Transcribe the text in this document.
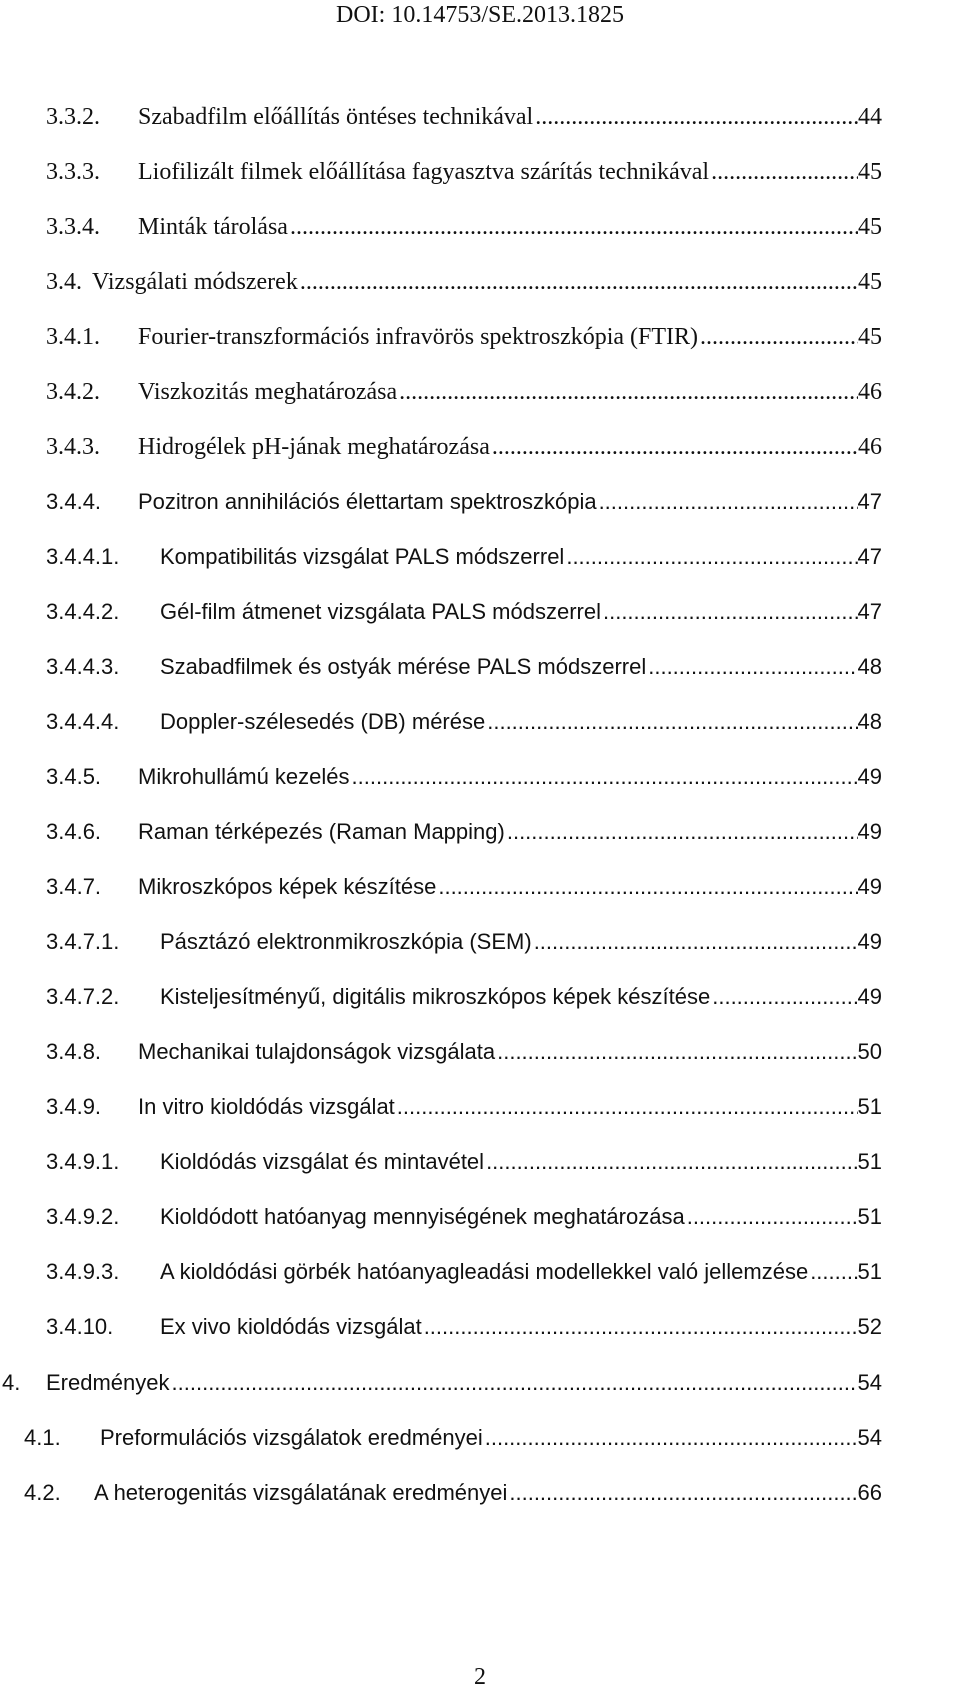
DOI: 10.14753/SE.2013.1825
3.3.2. Szabadfilm előállítás öntéses technikával .....	44
3.3.3. Liofilizált filmek előállítása fagyasztva szárítás technikával .....	45
3.3.4. Minták tárolása .....	45
3.4. Vizsgálati módszerek .....	45
3.4.1. Fourier-transzformációs infravörös spektroszkópia (FTIR) .....	45
3.4.2. Viszkozitás meghatározása .....	46
3.4.3. Hidrogélek pH-jának meghatározása .....	46
3.4.4. Pozitron annihilációs élettartam spektroszkópia .....	47
3.4.4.1. Kompatibilitás vizsgálat PALS módszerrel .....	47
3.4.4.2. Gél-film átmenet vizsgálata PALS módszerrel .....	47
3.4.4.3. Szabadfilmek és ostyák mérése PALS módszerrel .....	48
3.4.4.4. Doppler-szélesedés (DB) mérése .....	48
3.4.5. Mikrohullámú kezelés .....	49
3.4.6. Raman térképezés (Raman Mapping) .....	49
3.4.7. Mikroszkópos képek készítése .....	49
3.4.7.1. Pásztázó elektronmikroszkópia (SEM) .....	49
3.4.7.2. Kisteljesítményű, digitális mikroszkópos képek készítése .....	49
3.4.8. Mechanikai tulajdonságok vizsgálata .....	50
3.4.9. In vitro kioldódás vizsgálat .....	51
3.4.9.1. Kioldódás vizsgálat és mintavétel .....	51
3.4.9.2. Kioldódott hatóanyag mennyiségének meghatározása .....	51
3.4.9.3. A kioldódási görbék hatóanyagleadási modellekkel való jellemzése ..... 51
3.4.10. Ex vivo kioldódás vizsgálat .....	52
4. Eredmények .....	54
4.1. Preformulációs vizsgálatok eredményei .....	54
4.2. A heterogenitás vizsgálatának eredményei .....	66
2
